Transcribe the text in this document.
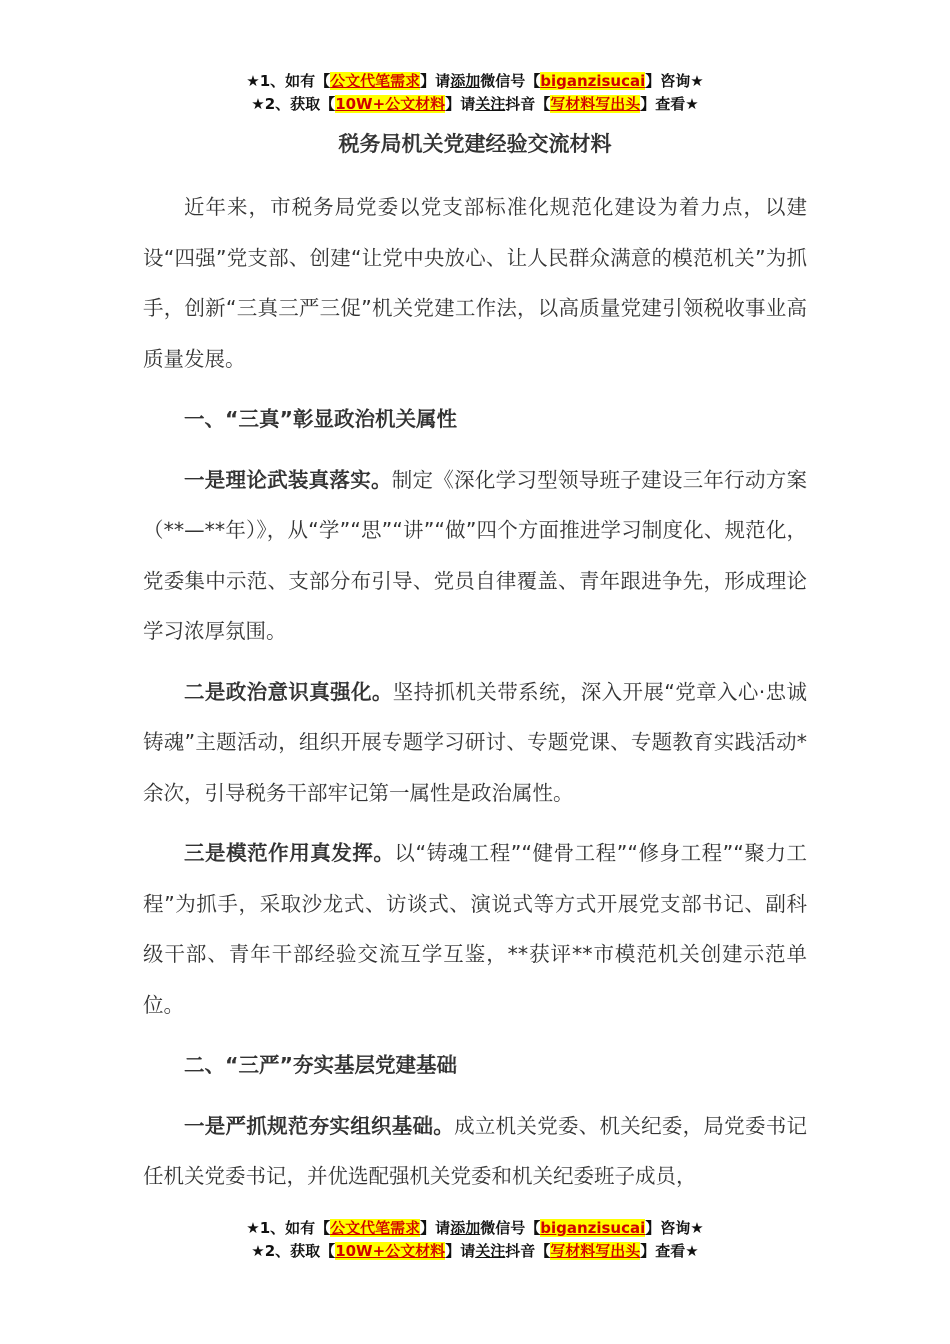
★1、如有【公文代笔需求】请添加微信号【biganzisucai】咨询★
★2、获取【10W+公文材料】请关注抖音【写材料写出头】查看★
税务局机关党建经验交流材料

近年来，市税务局党委以党支部标准化规范化建设为着力点，以建设“四强”党支部、创建“让党中央放心、让人民群众满意的模范机关”为抓手，创新“三真三严三促”机关党建工作法，以高质量党建引领税收事业高质量发展。

一、“三真”彰显政治机关属性

一是理论武装真落实。制定《深化学习型领导班子建设三年行动方案（**—**年）》，从“学”“思”“讲”“做”四个方面推进学习制度化、规范化，党委集中示范、支部分布引导、党员自律覆盖、青年跟进争先，形成理论学习浓厚氛围。

二是政治意识真强化。坚持抓机关带系统，深入开展“党章入心·忠诚铸魂”主题活动，组织开展专题学习研讨、专题党课、专题教育实践活动*余次，引导税务干部牢记第一属性是政治属性。

三是模范作用真发挥。以“铸魂工程”“健骨工程”“修身工程”“聚力工程”为抓手，采取沙龙式、访谈式、演说式等方式开展党支部书记、副科级干部、青年干部经验交流互学互鉴，**获评**市模范机关创建示范单位。

二、“三严”夯实基层党建基础

一是严抓规范夯实组织基础。成立机关党委、机关纪委，局党委书记任机关党委书记，并优选配强机关党委和机关纪委班子成员，

★1、如有【公文代笔需求】请添加微信号【biganzisucai】咨询★
★2、获取【10W+公文材料】请关注抖音【写材料写出头】查看★
